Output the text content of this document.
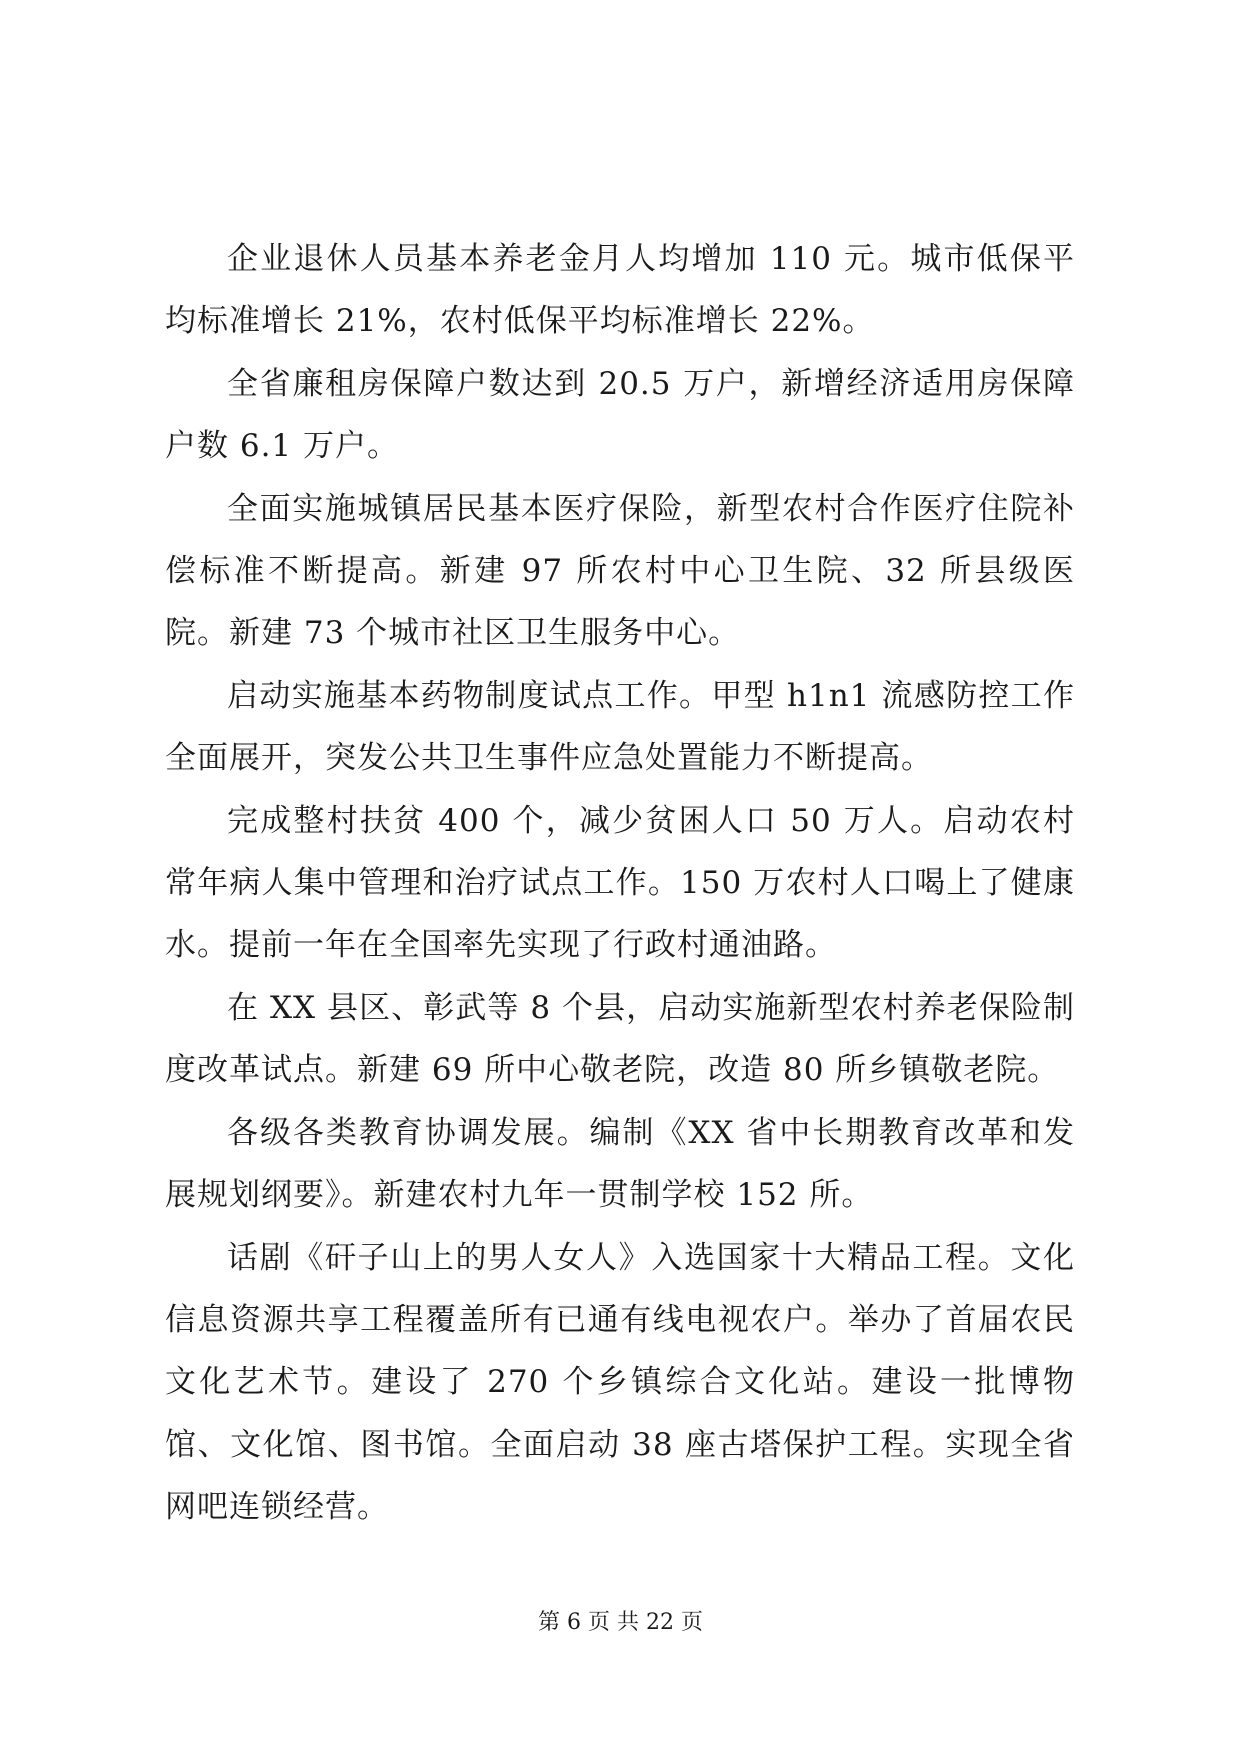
企业退休人员基本养老金月人均增加 110 元。城市低保平均标准增长 21%，农村低保平均标准增长 22%。

全省廉租房保障户数达到 20.5 万户，新增经济适用房保障户数 6.1 万户。

全面实施城镇居民基本医疗保险，新型农村合作医疗住院补偿标准不断提高。新建 97 所农村中心卫生院、32 所县级医院。新建 73 个城市社区卫生服务中心。

启动实施基本药物制度试点工作。甲型 h1n1 流感防控工作全面展开，突发公共卫生事件应急处置能力不断提高。

完成整村扶贫 400 个，减少贫困人口 50 万人。启动农村常年病人集中管理和治疗试点工作。150 万农村人口喝上了健康水。提前一年在全国率先实现了行政村通油路。

在 XX 县区、彰武等 8 个县，启动实施新型农村养老保险制度改革试点。新建 69 所中心敬老院，改造 80 所乡镇敬老院。

各级各类教育协调发展。编制《XX 省中长期教育改革和发展规划纲要》。新建农村九年一贯制学校 152 所。

话剧《矸子山上的男人女人》入选国家十大精品工程。文化信息资源共享工程覆盖所有已通有线电视农户。举办了首届农民文化艺术节。建设了 270 个乡镇综合文化站。建设一批博物馆、文化馆、图书馆。全面启动 38 座古塔保护工程。实现全省网吧连锁经营。

第 6 页 共 22 页
